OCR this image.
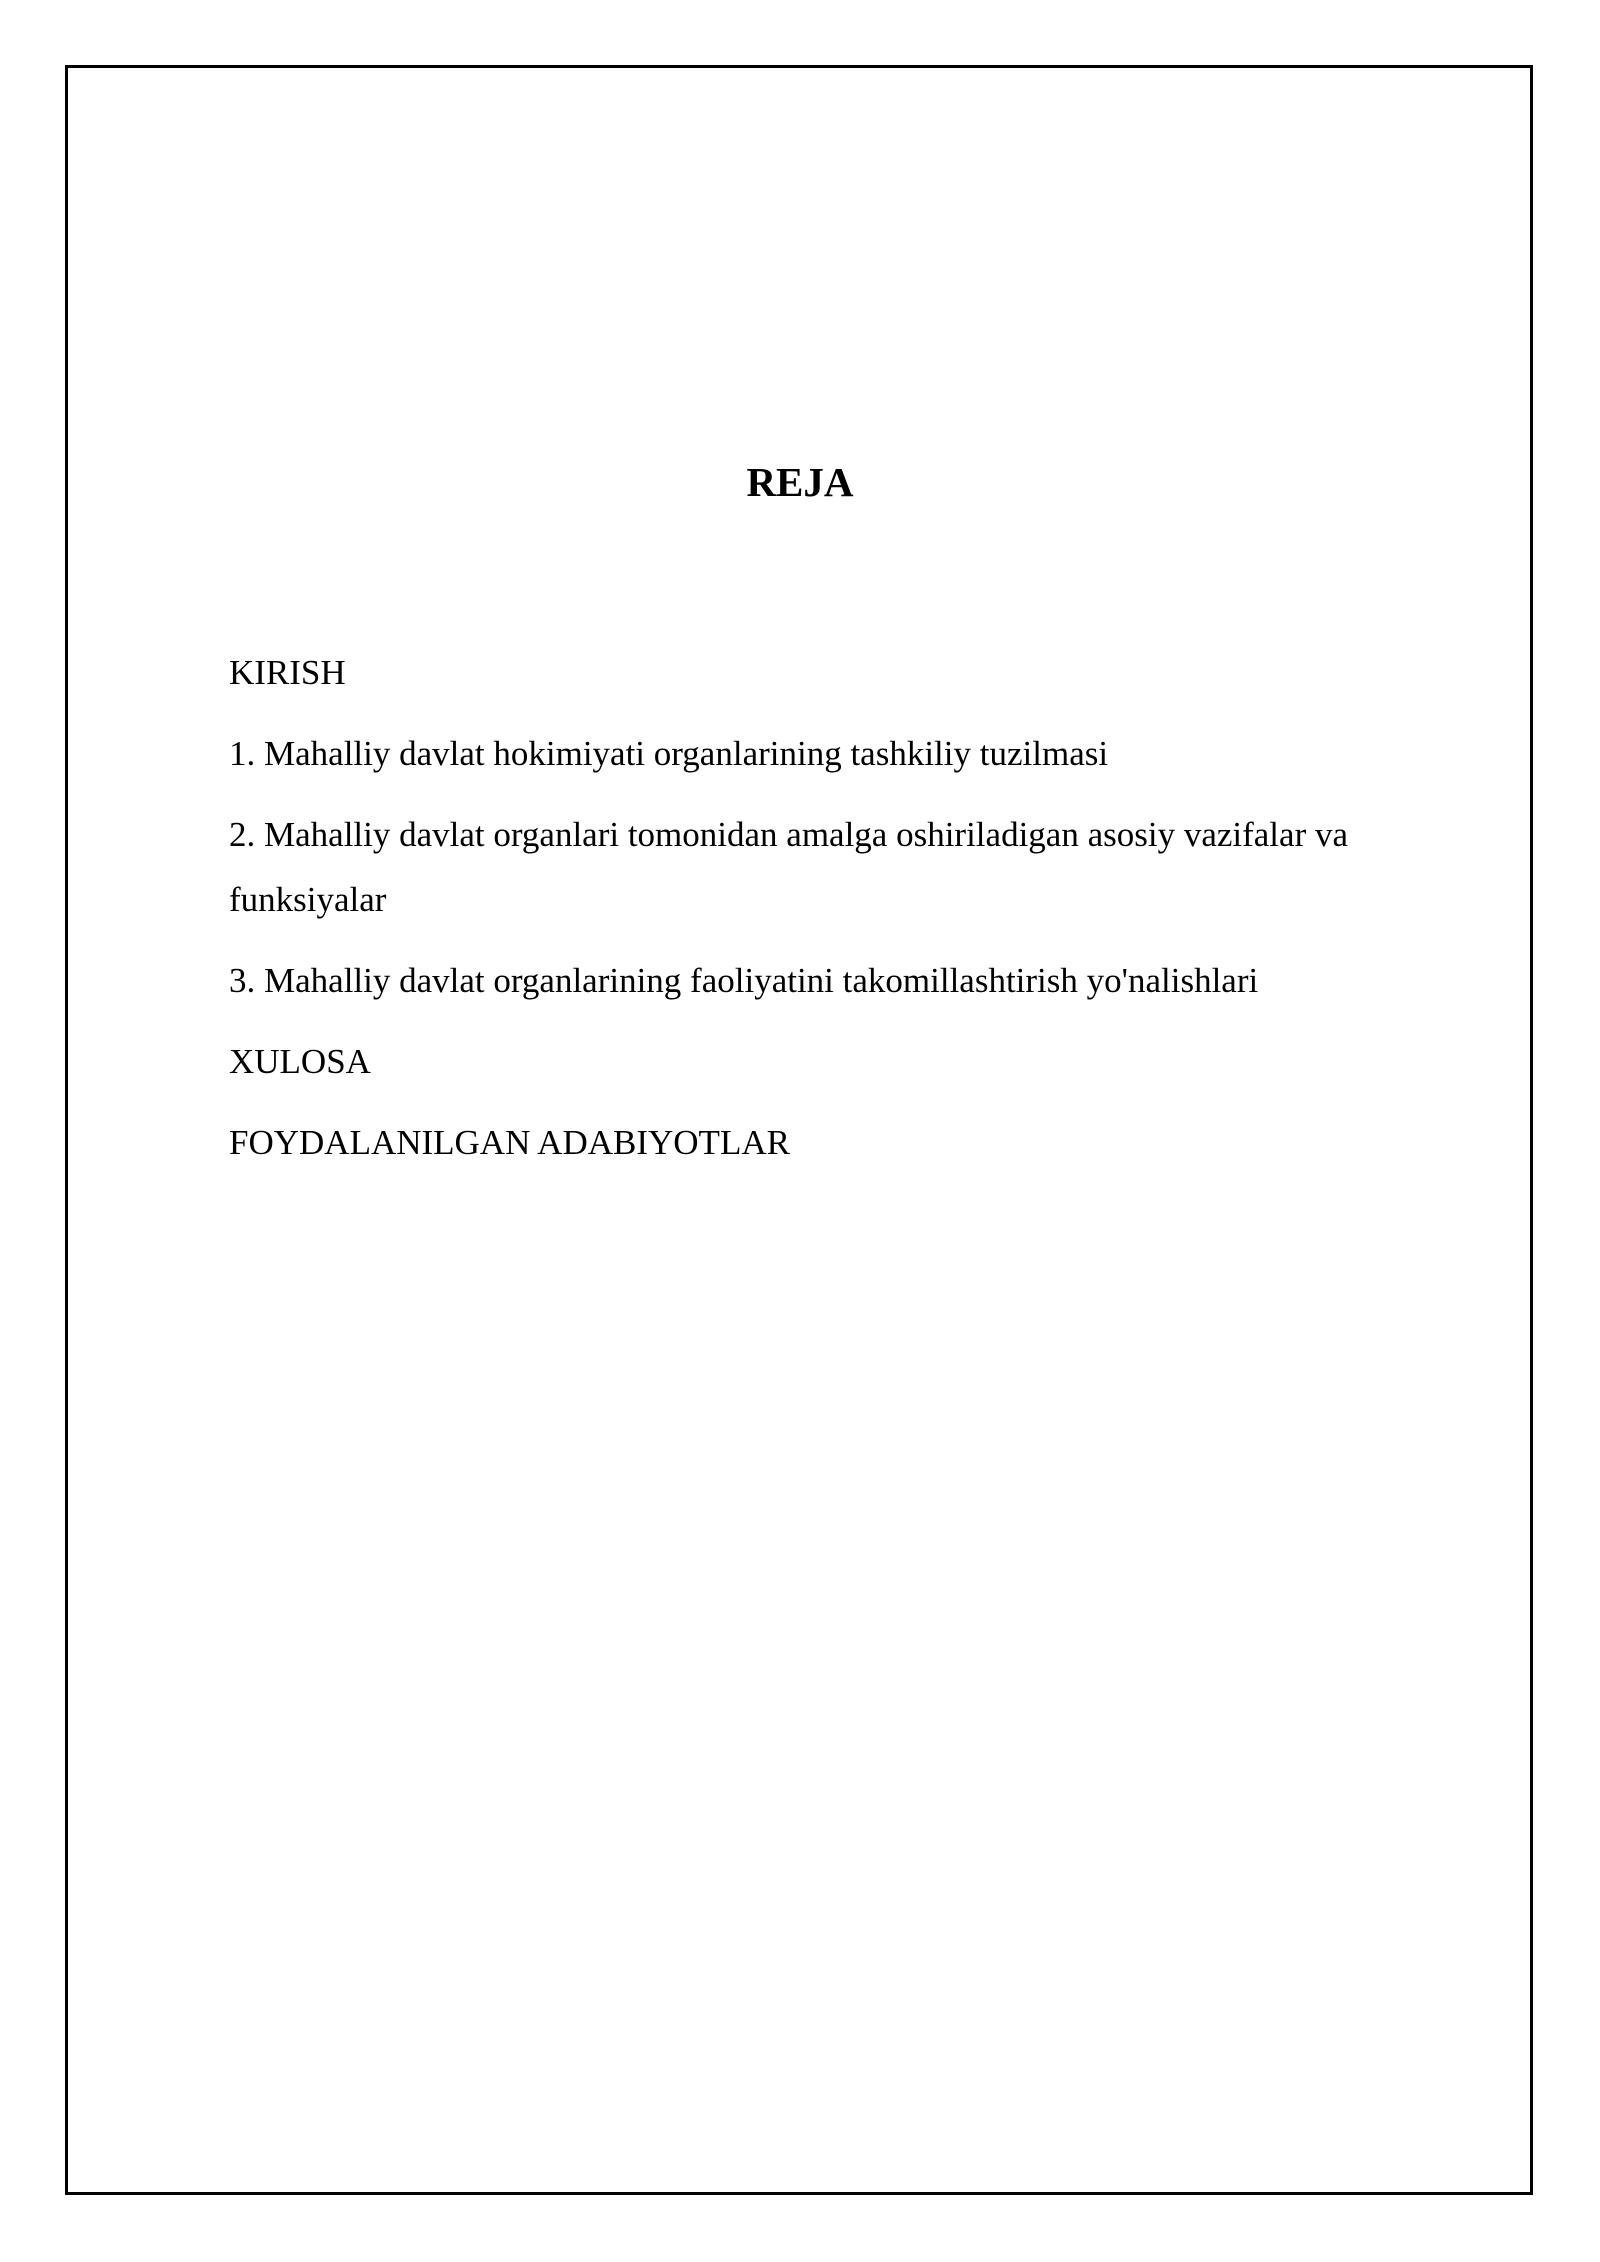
REJA
KIRISH
1. Mahalliy davlat hokimiyati organlarining tashkiliy tuzilmasi
2. Mahalliy davlat organlari tomonidan amalga oshiriladigan asosiy vazifalar va funksiyalar
3. Mahalliy davlat organlarining faoliyatini takomillashtirish yo'nalishlari
XULOSA
FOYDALANILGAN ADABIYOTLAR
